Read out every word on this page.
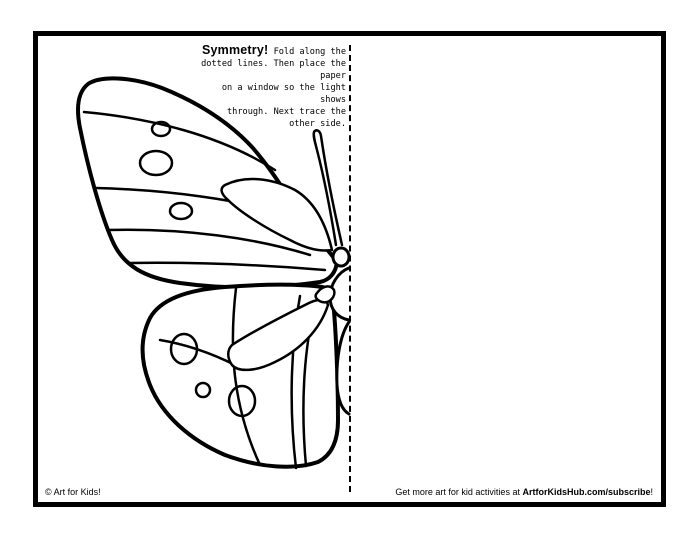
Symmetry! Fold along the
dotted lines. Then place the paper
on a window so the light shows
through. Next trace the other side.
© Art for Kids!	Get more art for kid activities at ArtforKidsHub.com/subscribe!
